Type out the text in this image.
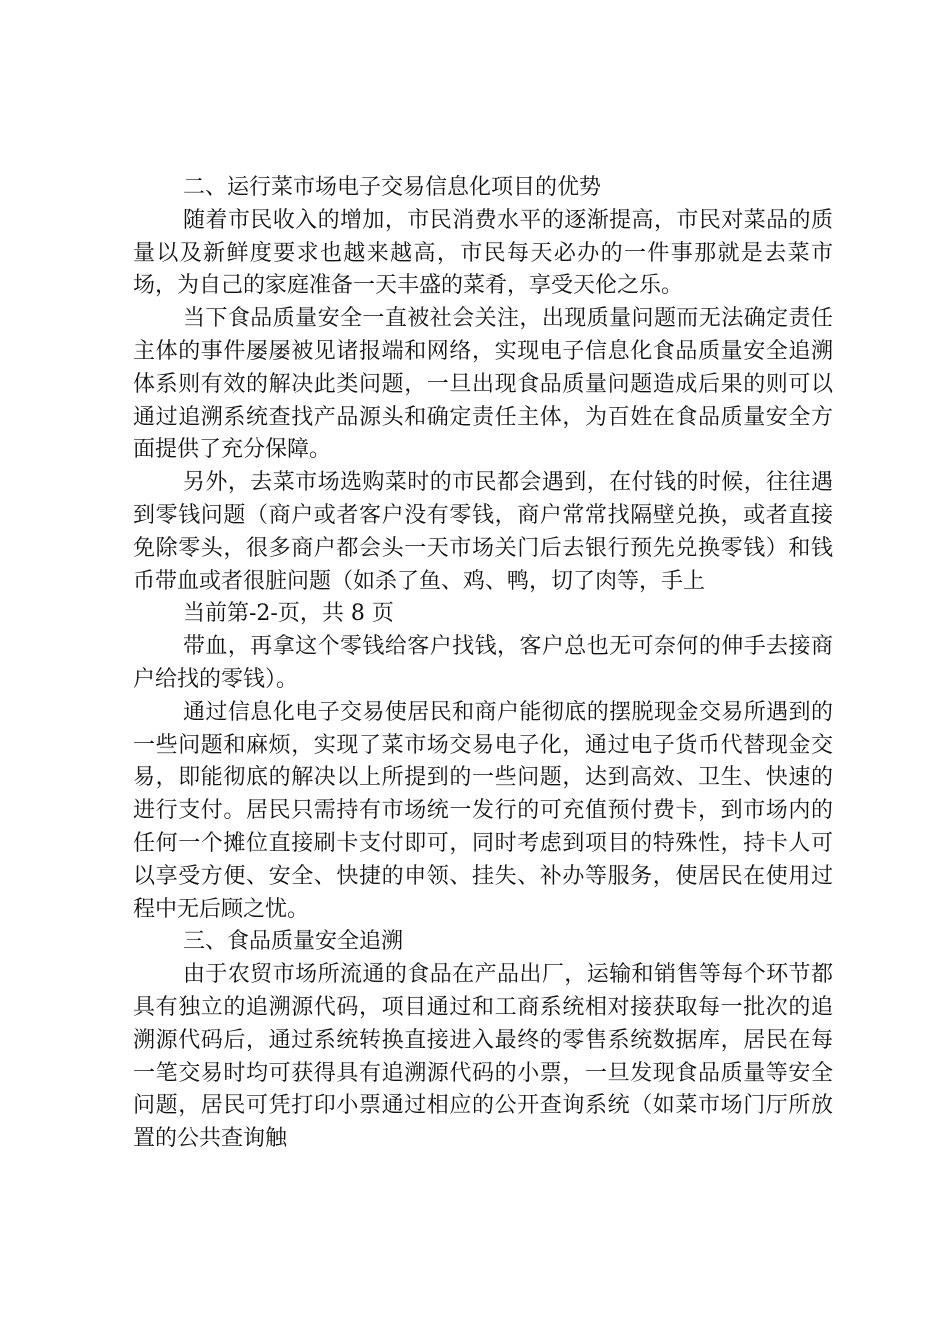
二、运行菜市场电子交易信息化项目的优势

随着市民收入的增加，市民消费水平的逐渐提高，市民对菜品的质量以及新鲜度要求也越来越高，市民每天必办的一件事那就是去菜市场，为自己的家庭准备一天丰盛的菜肴，享受天伦之乐。

当下食品质量安全一直被社会关注，出现质量问题而无法确定责任主体的事件屡屡被见诸报端和网络，实现电子信息化食品质量安全追溯体系则有效的解决此类问题，一旦出现食品质量问题造成后果的则可以通过追溯系统查找产品源头和确定责任主体，为百姓在食品质量安全方面提供了充分保障。

另外，去菜市场选购菜时的市民都会遇到，在付钱的时候，往往遇到零钱问题（商户或者客户没有零钱，商户常常找隔壁兑换，或者直接免除零头，很多商户都会头一天市场关门后去银行预先兑换零钱）和钱币带血或者很脏问题（如杀了鱼、鸡、鸭，切了肉等，手上

当前第-2-页，共 8 页

带血，再拿这个零钱给客户找钱，客户总也无可奈何的伸手去接商户给找的零钱）。

通过信息化电子交易使居民和商户能彻底的摆脱现金交易所遇到的一些问题和麻烦，实现了菜市场交易电子化，通过电子货币代替现金交易，即能彻底的解决以上所提到的一些问题，达到高效、卫生、快速的进行支付。居民只需持有市场统一发行的可充值预付费卡，到市场内的任何一个摊位直接刷卡支付即可，同时考虑到项目的特殊性，持卡人可以享受方便、安全、快捷的申领、挂失、补办等服务，使居民在使用过程中无后顾之忧。

三、食品质量安全追溯

由于农贸市场所流通的食品在产品出厂，运输和销售等每个环节都具有独立的追溯源代码，项目通过和工商系统相对接获取每一批次的追溯源代码后，通过系统转换直接进入最终的零售系统数据库，居民在每一笔交易时均可获得具有追溯源代码的小票，一旦发现食品质量等安全问题，居民可凭打印小票通过相应的公开查询系统（如菜市场门厅所放置的公共查询触
